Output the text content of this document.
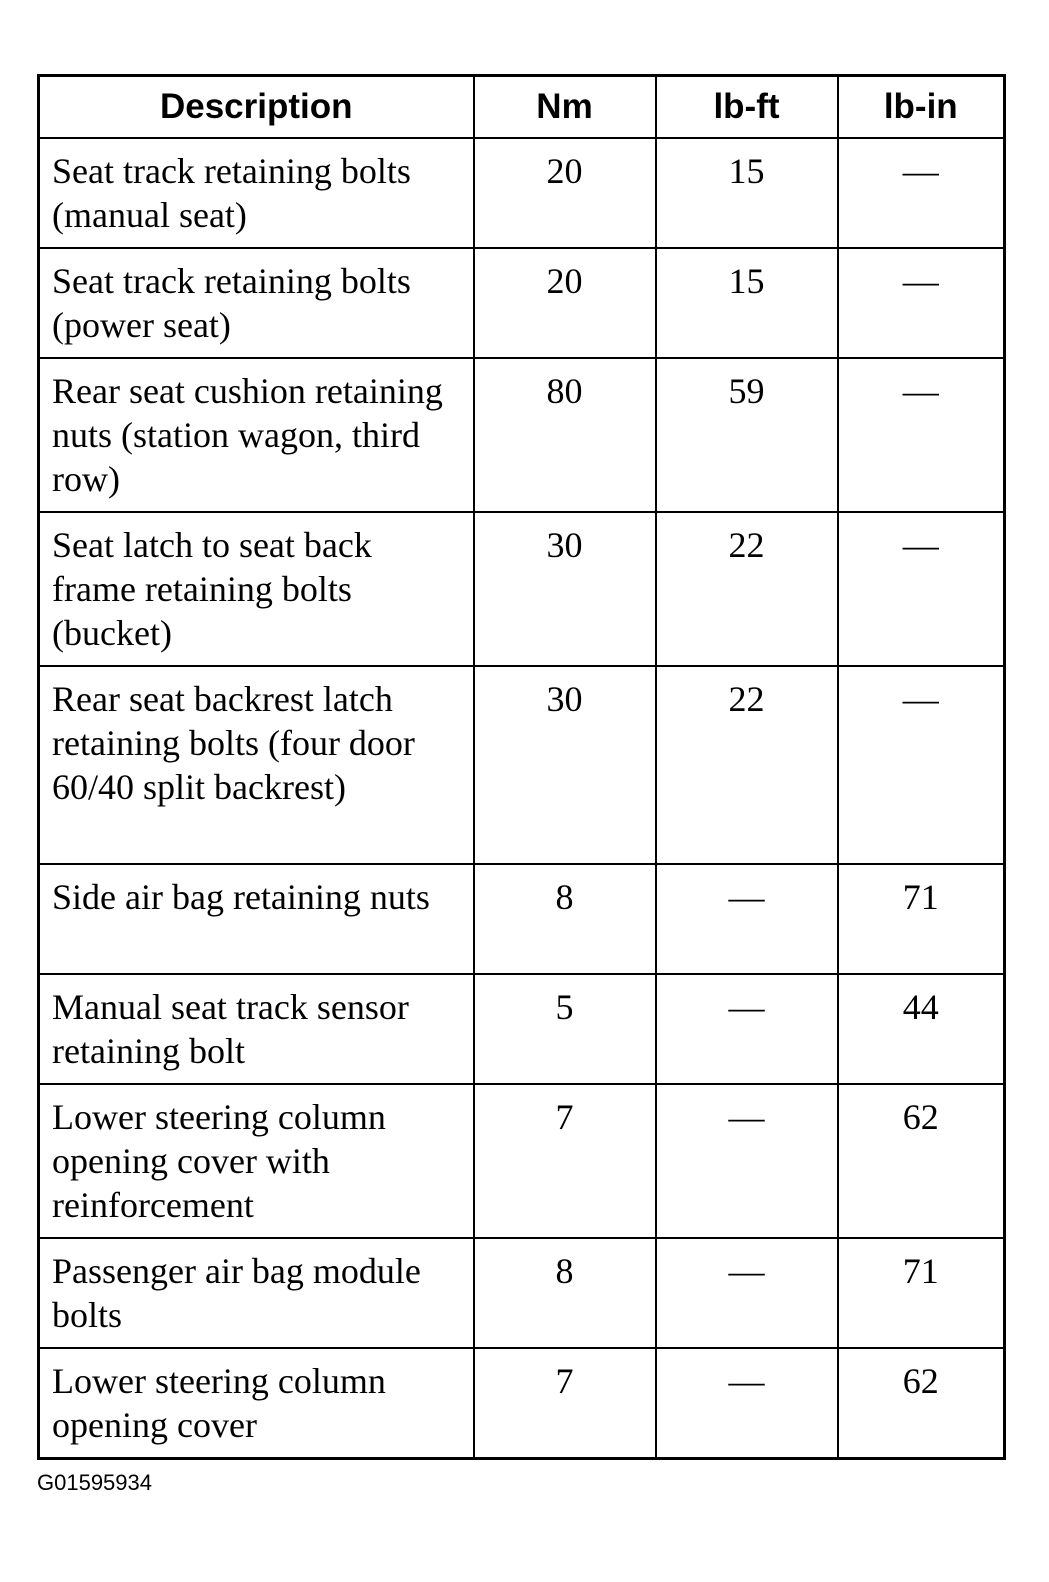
Description	Nm	lb-ft	lb-in
Seat track retaining bolts (manual seat)	20	15	—
Seat track retaining bolts (power seat)	20	15	—
Rear seat cushion retaining nuts (station wagon, third row)	80	59	—
Seat latch to seat back frame retaining bolts (bucket)	30	22	—
Rear seat backrest latch retaining bolts (four door 60/40 split backrest)	30	22	—
Side air bag retaining nuts	8	—	71
Manual seat track sensor retaining bolt	5	—	44
Lower steering column opening cover with reinforcement	7	—	62
Passenger air bag module bolts	8	—	71
Lower steering column opening cover	7	—	62
G01595934
